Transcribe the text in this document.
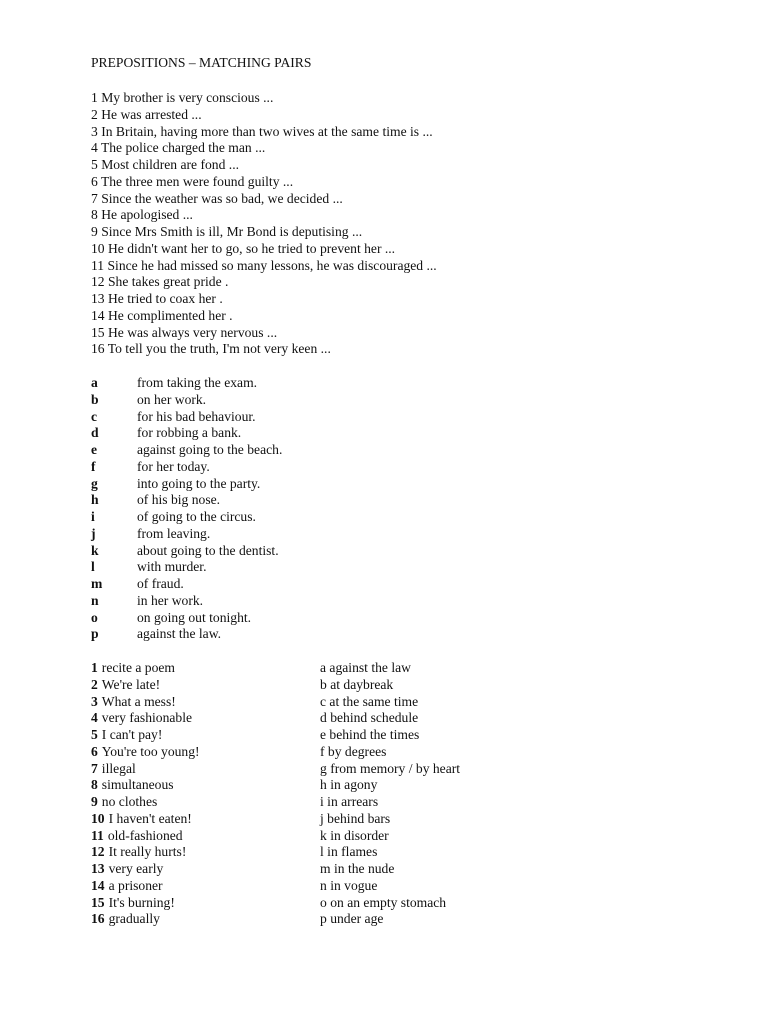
PREPOSITIONS – MATCHING PAIRS
1 My brother is very conscious ...
2 He was arrested ...
3 In Britain, having more than two wives at the same time is ...
4 The police charged the man ...
5 Most children are fond ...
6 The three men were found guilty ...
7 Since the weather was so bad, we decided ...
8 He apologised ...
9 Since Mrs Smith is ill, Mr Bond is deputising ...
10 He didn't want her to go, so he tried to prevent her ...
11 Since he had missed so many lessons, he was discouraged ...
12 She takes great pride .
13 He tried to coax her .
14 He complimented her .
15 He was always very nervous ...
16 To tell you the truth, I'm not very keen ...
a	from taking the exam.
b	on her work.
c	for his bad behaviour.
d	for robbing a bank.
e	against going to the beach.
f	for her today.
g	into going to the party.
h	of his big nose.
i	of going to the circus.
j	from leaving.
k	about going to the dentist.
l	with murder.
m	of fraud.
n	in her work.
o	on going out tonight.
p	against the law.
1 recite a poem	a against the law
2 We're late!	b at daybreak
3 What a mess!	c at the same time
4 very fashionable	d behind schedule
5 I can't pay!	e behind the times
6 You're too young!	f by degrees
7 illegal	g from memory / by heart
8 simultaneous	h in agony
9 no clothes	i in arrears
10 I haven't eaten!	j behind bars
11 old-fashioned	k in disorder
12 It really hurts!	l in flames
13 very early	m in the nude
14 a prisoner	n in vogue
15 It's burning!	o on an empty stomach
16 gradually	p under age
